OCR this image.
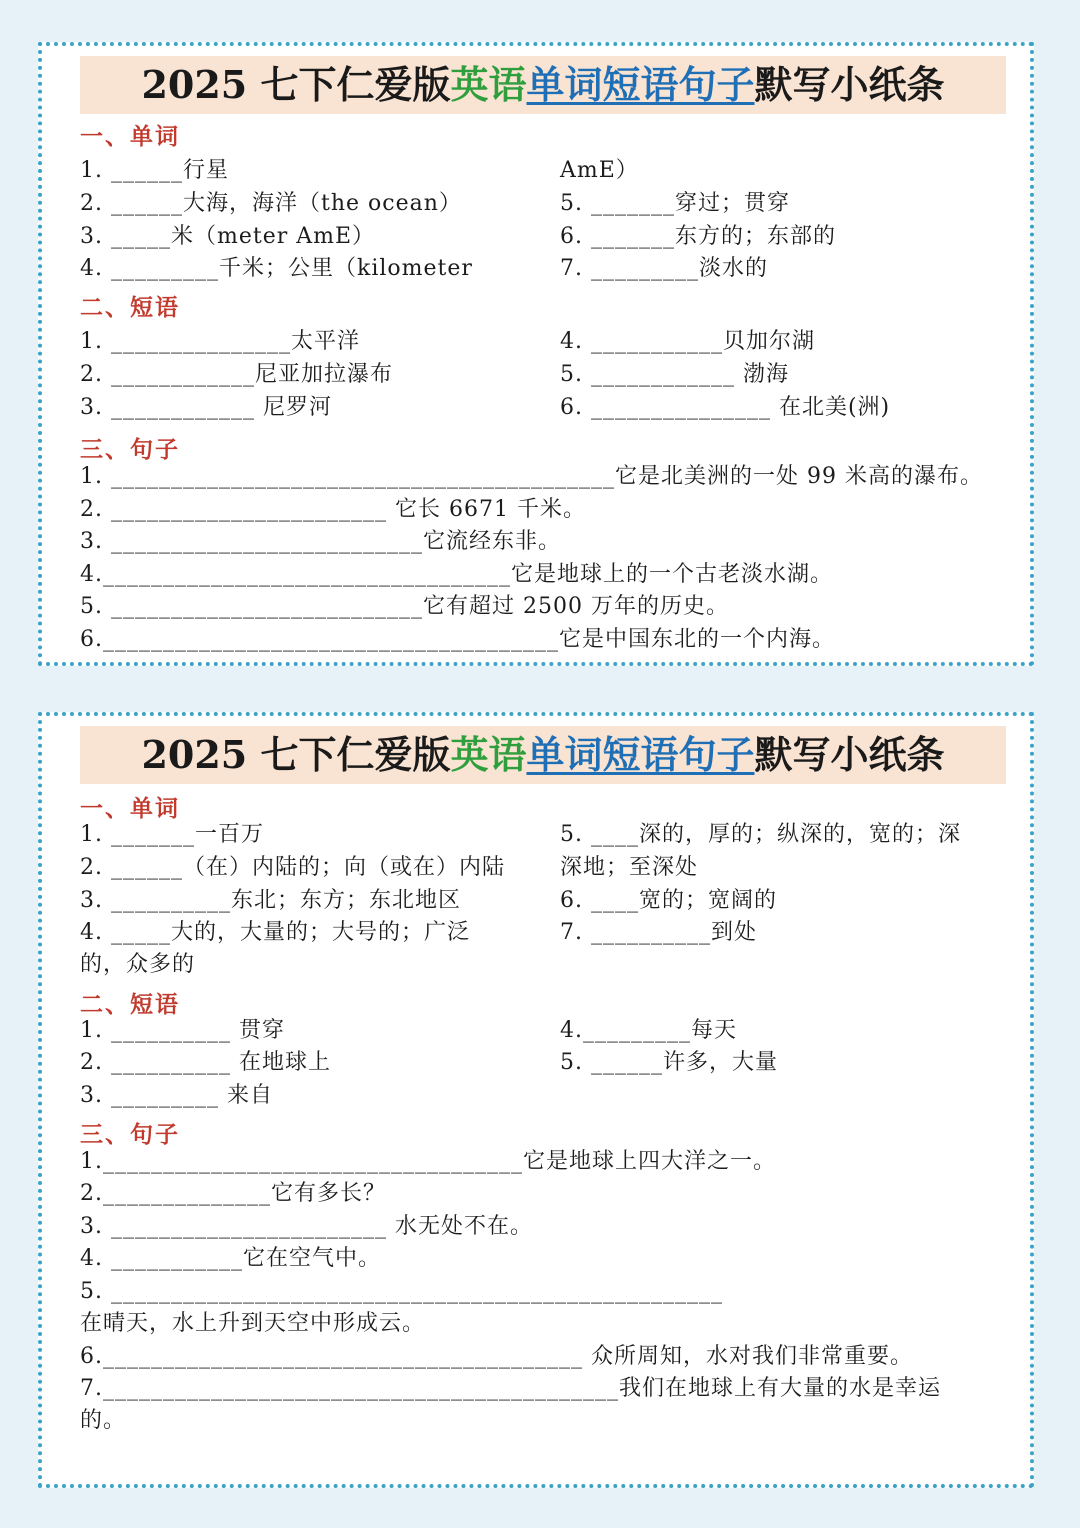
2025 七下仁爱版英语单词短语句子默写小纸条
一、单词
1. ______行星
2. ______大海，海洋（the ocean）
3. _____米（meter AmE）
4. _________千米；公里（kilometer
AmE）
5. _______穿过；贯穿
6. _______东方的；东部的
7. _________淡水的
二、短语
1. _______________太平洋
2. ____________尼亚加拉瀑布
3. ____________ 尼罗河
4. ___________贝加尔湖
5. ____________ 渤海
6. _______________ 在北美(洲)
三、句子
1. __________________________________________它是北美洲的一处 99 米高的瀑布。
2. _______________________ 它长 6671 千米。
3. __________________________它流经东非。
4.__________________________________它是地球上的一个古老淡水湖。
5. __________________________它有超过 2500 万年的历史。
6.______________________________________它是中国东北的一个内海。
2025 七下仁爱版英语单词短语句子默写小纸条
一、单词
1. _______一百万
2. ______（在）内陆的；向（或在）内陆
3. __________东北；东方；东北地区
4. _____大的，大量的；大号的；广泛
的，众多的
5. ____深的，厚的；纵深的，宽的；深
深地；至深处
6. ____宽的；宽阔的
7. __________到处
二、短语
1. __________ 贯穿
2. __________ 在地球上
3. _________ 来自
4._________每天
5. ______许多，大量
三、句子
1.___________________________________它是地球上四大洋之一。
2.______________它有多长？
3. _______________________ 水无处不在。
4. ___________它在空气中。
5. ___________________________________________________
在晴天，水上升到天空中形成云。
6.________________________________________ 众所周知，水对我们非常重要。
7.___________________________________________我们在地球上有大量的水是幸运
的。
